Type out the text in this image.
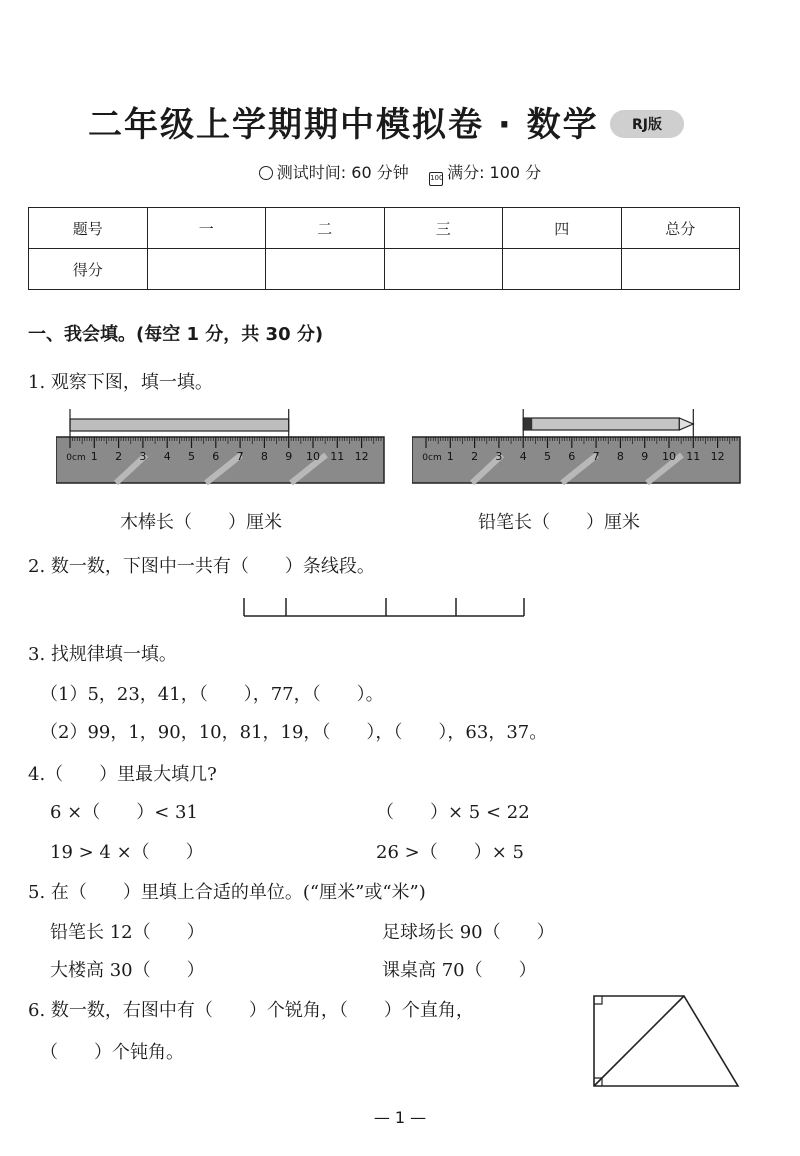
二年级上学期期中模拟卷 · 数学	RJ版
测试时间: 60 分钟	100 满分: 100 分
题号	一	二	三	四	总分
得分					
一、我会填。(每空 1 分，共 30 分)
1. 观察下图，填一填。
0cm 1 2 3 4 5 6 7 8 9 10 11 12	0cm 1 2 3 4 5 6 7 8 9 10 11 12
木棒长（　　）厘米	铅笔长（　　）厘米
2. 数一数，下图中一共有（　　）条线段。
3. 找规律填一填。
（1）5，23，41，（　　），77，（　　）。
（2）99，1，90，10，81，19，（　　），（　　），63，37。
4.（　　）里最大填几?
6 ×（　　）< 31	（　　）× 5 < 22
19 > 4 ×（　　）	26 >（　　）× 5
5. 在（　　）里填上合适的单位。(“厘米”或“米”)
铅笔长 12（　　）	足球场长 90（　　）
大楼高 30（　　）	课桌高 70（　　）
6. 数一数，右图中有（　　）个锐角，（　　）个直角，
（　　）个钝角。
— 1 —
